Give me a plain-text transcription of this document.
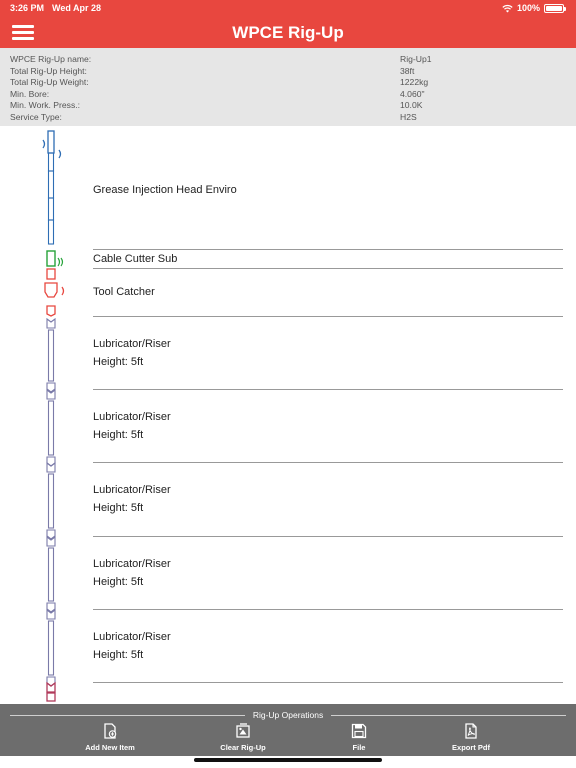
3:26 PM Wed Apr 28	100%
WPCE Rig-Up
WPCE Rig-Up name:	Rig-Up1
Total Rig-Up Height:	38ft
Total Rig-Up Weight:	1222kg
Min. Bore:	4.060"
Min. Work. Press.:	10.0K
Service Type:	H2S
Grease Injection Head Enviro
Cable Cutter Sub
Tool Catcher
Lubricator/Riser
Height: 5ft
Lubricator/Riser
Height: 5ft
Lubricator/Riser
Height: 5ft
Lubricator/Riser
Height: 5ft
Lubricator/Riser
Height: 5ft
Rig-Up Operations
Add New Item	Clear Rig-Up	File	Export Pdf
